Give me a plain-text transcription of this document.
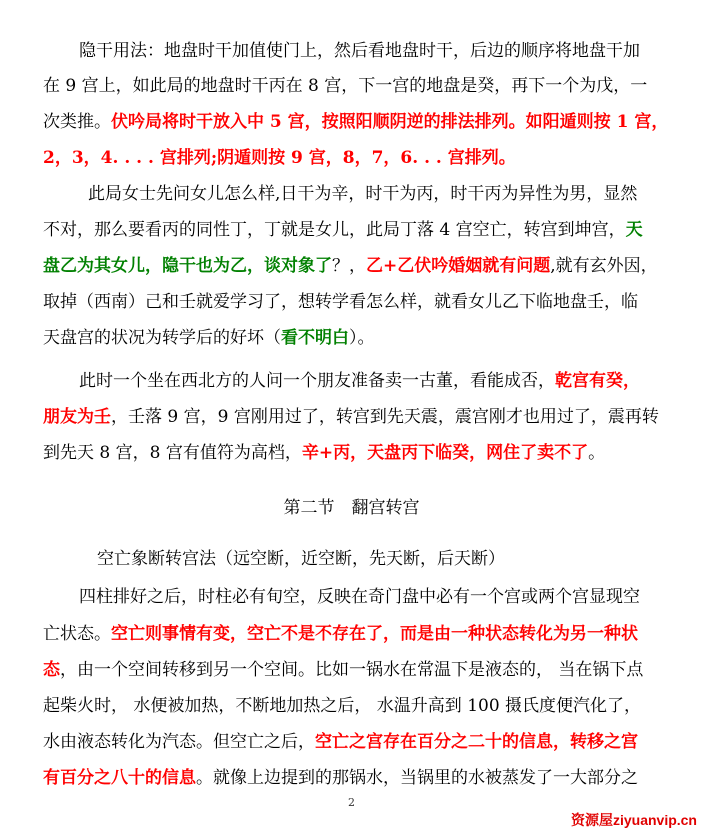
隐干用法：地盘时干加值使门上，然后看地盘时干，后边的顺序将地盘干加
在 9 宫上，如此局的地盘时干丙在 8 宫，下一宫的地盘是癸，再下一个为戊，一
次类推。伏吟局将时干放入中 5 宫，按照阳顺阴逆的排法排列。如阳遁则按 1 宫，
2，3，4. . . . 宫排列;阴遁则按 9 宫，8，7，6. . . 宫排列。
此局女士先问女儿怎么样,日干为辛，时干为丙，时干丙为异性为男，显然
不对，那么要看丙的同性丁，丁就是女儿，此局丁落 4 宫空亡，转宫到坤宫，天
盘乙为其女儿，隐干也为乙，谈对象了？，乙+乙伏吟婚姻就有问题,就有玄外因，
取掉（西南）己和壬就爱学习了，想转学看怎么样，就看女儿乙下临地盘壬，临
天盘宫的状况为转学后的好坏（看不明白）。
此时一个坐在西北方的人问一个朋友准备卖一古董，看能成否，乾宫有癸，
朋友为壬，壬落 9 宫，9 宫刚用过了，转宫到先天震，震宫刚才也用过了，震再转
到先天 8 宫，8 宫有值符为高档，辛+丙，天盘丙下临癸，网住了卖不了。
第二节　翻宫转宫
空亡象断转宫法（远空断，近空断，先天断，后天断）
四柱排好之后，时柱必有旬空，反映在奇门盘中必有一个宫或两个宫显现空
亡状态。空亡则事情有变，空亡不是不存在了，而是由一种状态转化为另一种状
态，由一个空间转移到另一个空间。比如一锅水在常温下是液态的， 当在锅下点
起柴火时， 水便被加热，不断地加热之后， 水温升高到 100 摄氏度便汽化了，
水由液态转化为汽态。但空亡之后，空亡之宫存在百分之二十的信息，转移之宫
有百分之八十的信息。就像上边提到的那锅水，当锅里的水被蒸发了一大部分之
2
资源屋ziyuanvip.cn
